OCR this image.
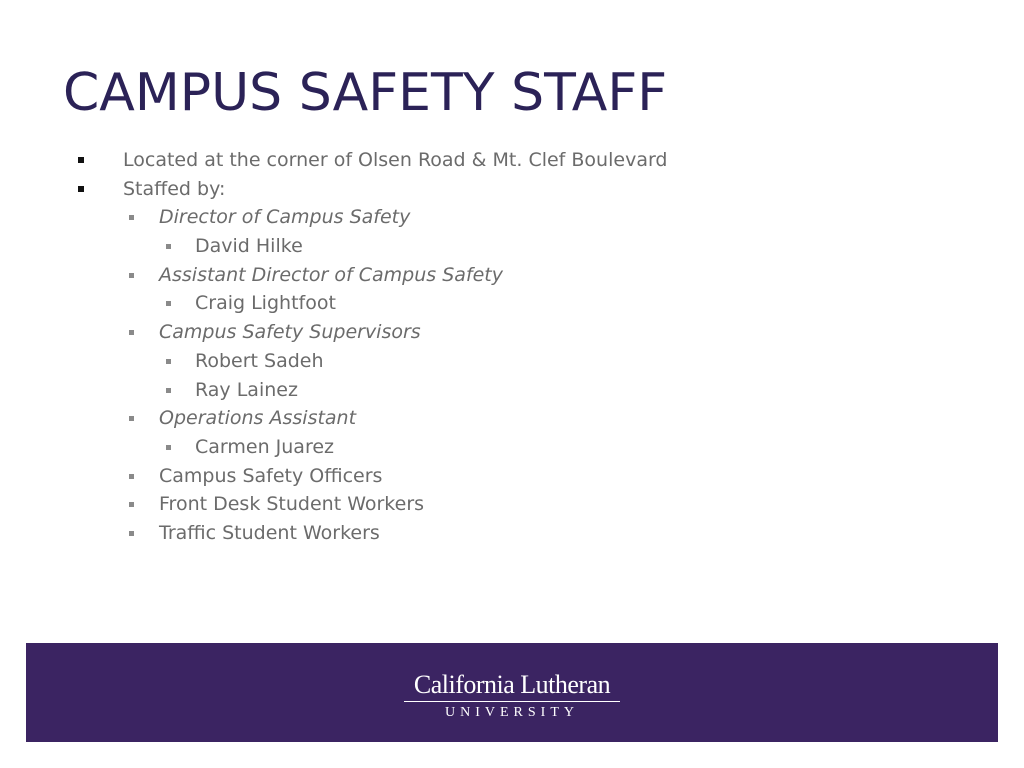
CAMPUS SAFETY STAFF
Located at the corner of Olsen Road & Mt. Clef Boulevard
Staffed by:
Director of Campus Safety
David Hilke
Assistant Director of Campus Safety
Craig Lightfoot
Campus Safety Supervisors
Robert Sadeh
Ray Lainez
Operations Assistant
Carmen Juarez
Campus Safety Officers
Front Desk Student Workers
Traffic Student Workers
California Lutheran
UNIVERSITY
